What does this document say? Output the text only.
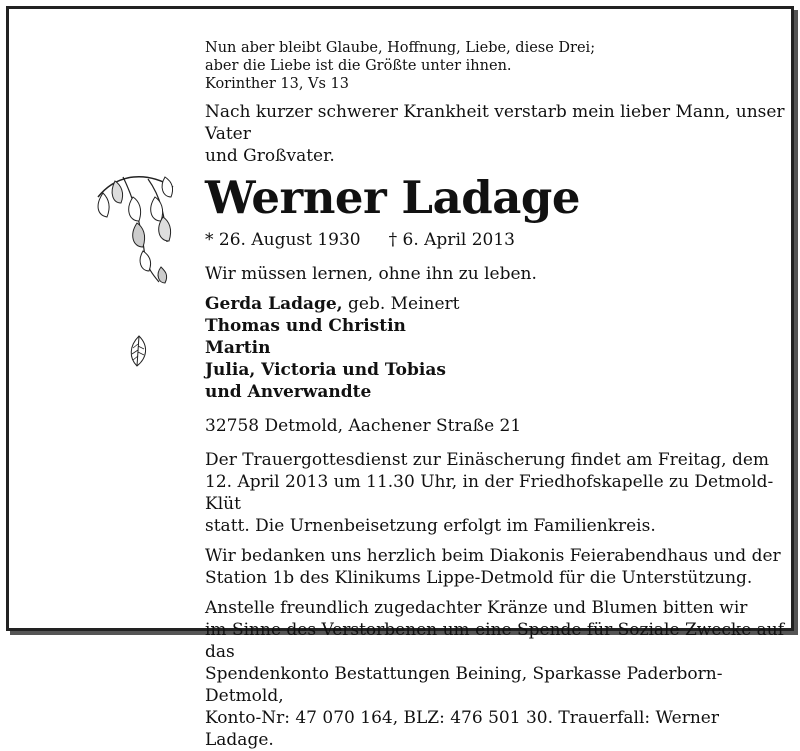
Nun aber bleibt Glaube, Hoffnung, Liebe, diese Drei;
aber die Liebe ist die Größte unter ihnen.
Korinther 13, Vs 13
Nach kurzer schwerer Krankheit verstarb mein lieber Mann, unser Vater
und Großvater.
Werner Ladage
* 26. August 1930 † 6. April 2013
Wir müssen lernen, ohne ihn zu leben.
Gerda Ladage, geb. Meinert
Thomas und Christin
Martin
Julia, Victoria und Tobias
und Anverwandte
32758 Detmold, Aachener Straße 21
Der Trauergottesdienst zur Einäscherung findet am Freitag, dem
12. April 2013 um 11.30 Uhr, in der Friedhofskapelle zu Detmold-Klüt
statt. Die Urnenbeisetzung erfolgt im Familienkreis.
Wir bedanken uns herzlich beim Diakonis Feierabendhaus und der
Station 1b des Klinikums Lippe-Detmold für die Unterstützung.
Anstelle freundlich zugedachter Kränze und Blumen bitten wir
im Sinne des Verstorbenen um eine Spende für Soziale Zwecke auf das
Spendenkonto Bestattungen Beining, Sparkasse Paderborn-Detmold,
Konto-Nr: 47 070 164, BLZ: 476 501 30. Trauerfall: Werner Ladage.
